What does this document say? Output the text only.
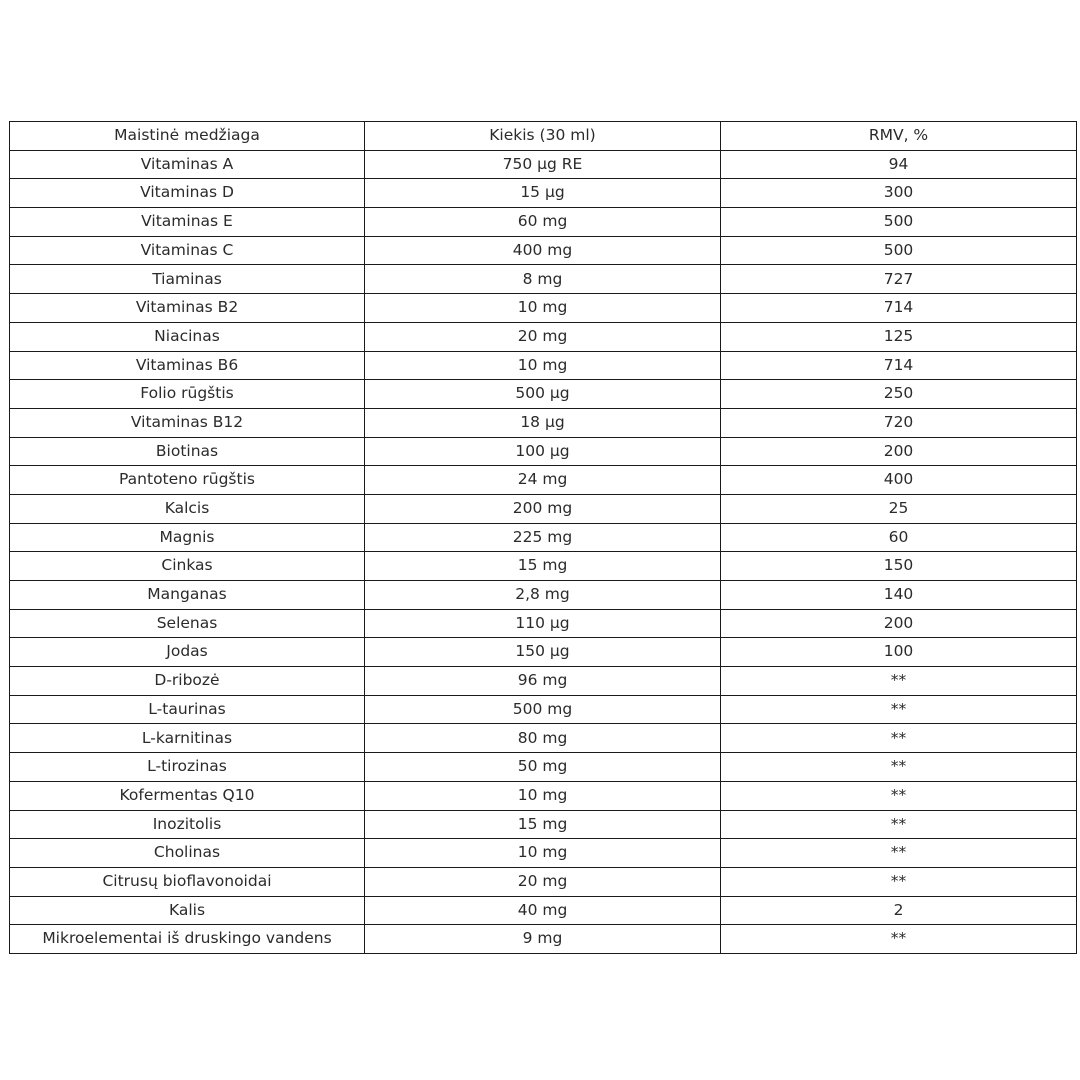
Maistinė medžiaga	Kiekis (30 ml)	RMV, %
Vitaminas A	750 µg RE	94
Vitaminas D	15 µg	300
Vitaminas E	60 mg	500
Vitaminas C	400 mg	500
Tiaminas	8 mg	727
Vitaminas B2	10 mg	714
Niacinas	20 mg	125
Vitaminas B6	10 mg	714
Folio rūgštis	500 µg	250
Vitaminas B12	18 µg	720
Biotinas	100 µg	200
Pantoteno rūgštis	24 mg	400
Kalcis	200 mg	25
Magnis	225 mg	60
Cinkas	15 mg	150
Manganas	2,8 mg	140
Selenas	110 µg	200
Jodas	150 µg	100
D-ribozė	96 mg	**
L-taurinas	500 mg	**
L-karnitinas	80 mg	**
L-tirozinas	50 mg	**
Kofermentas Q10	10 mg	**
Inozitolis	15 mg	**
Cholinas	10 mg	**
Citrusų bioflavonoidai	20 mg	**
Kalis	40 mg	2
Mikroelementai iš druskingo vandens	9 mg	**
